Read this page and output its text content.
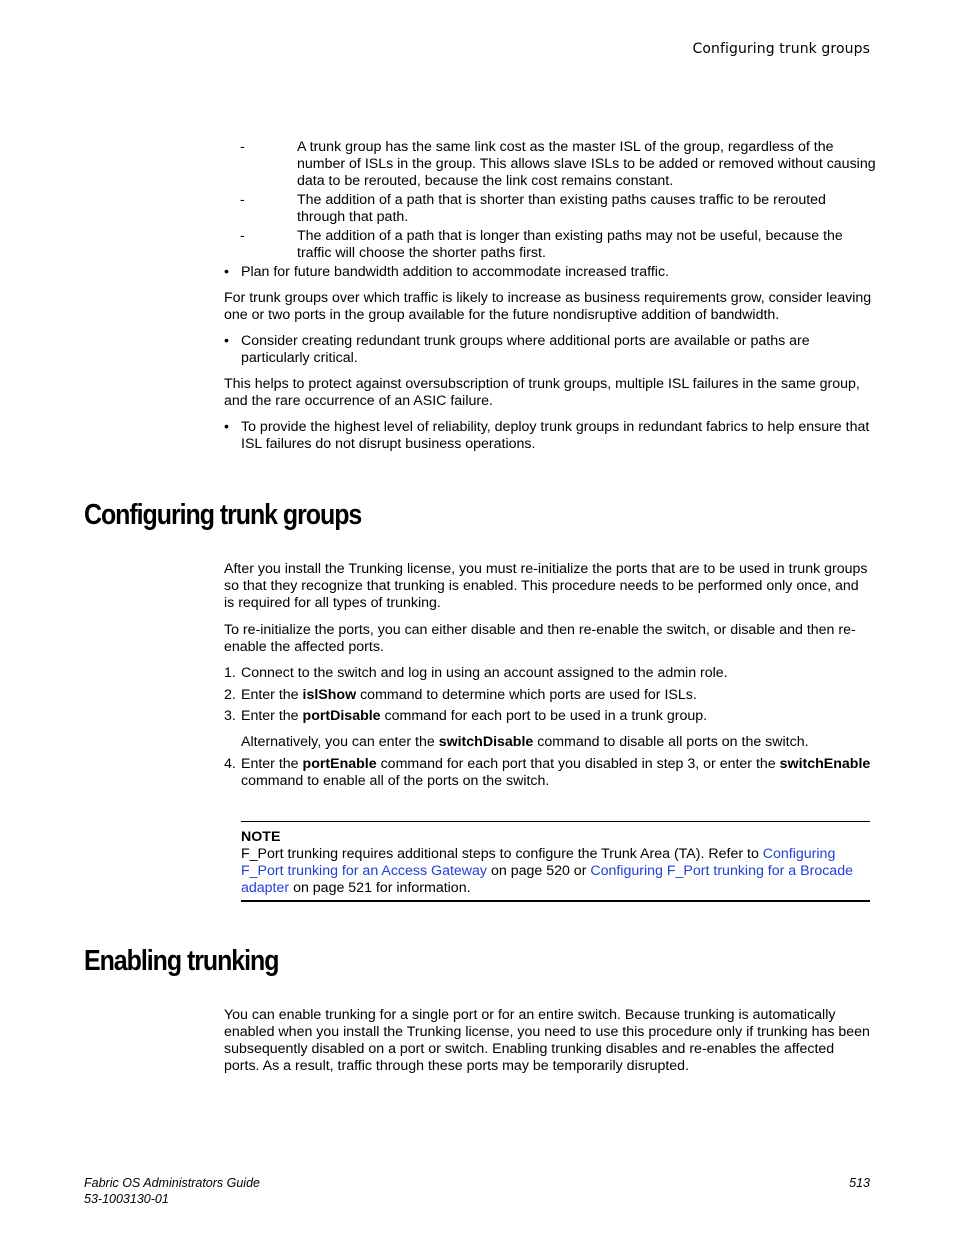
Configuring trunk groups
-	A trunk group has the same link cost as the master ISL of the group, regardless of the number of ISLs in the group. This allows slave ISLs to be added or removed without causing data to be rerouted, because the link cost remains constant.
-	The addition of a path that is shorter than existing paths causes traffic to be rerouted through that path.
-	The addition of a path that is longer than existing paths may not be useful, because the traffic will choose the shorter paths first.
• Plan for future bandwidth addition to accommodate increased traffic.
For trunk groups over which traffic is likely to increase as business requirements grow, consider leaving one or two ports in the group available for the future nondisruptive addition of bandwidth.
• Consider creating redundant trunk groups where additional ports are available or paths are particularly critical.
This helps to protect against oversubscription of trunk groups, multiple ISL failures in the same group, and the rare occurrence of an ASIC failure.
• To provide the highest level of reliability, deploy trunk groups in redundant fabrics to help ensure that ISL failures do not disrupt business operations.
Configuring trunk groups
After you install the Trunking license, you must re-initialize the ports that are to be used in trunk groups so that they recognize that trunking is enabled. This procedure needs to be performed only once, and is required for all types of trunking.
To re-initialize the ports, you can either disable and then re-enable the switch, or disable and then re-enable the affected ports.
1. Connect to the switch and log in using an account assigned to the admin role.
2. Enter the islShow command to determine which ports are used for ISLs.
3. Enter the portDisable command for each port to be used in a trunk group.
Alternatively, you can enter the switchDisable command to disable all ports on the switch.
4. Enter the portEnable command for each port that you disabled in step 3, or enter the switchEnable command to enable all of the ports on the switch.
NOTE
F_Port trunking requires additional steps to configure the Trunk Area (TA). Refer to Configuring F_Port trunking for an Access Gateway on page 520 or Configuring F_Port trunking for a Brocade adapter on page 521 for information.
Enabling trunking
You can enable trunking for a single port or for an entire switch. Because trunking is automatically enabled when you install the Trunking license, you need to use this procedure only if trunking has been subsequently disabled on a port or switch. Enabling trunking disables and re-enables the affected ports. As a result, traffic through these ports may be temporarily disrupted.
Fabric OS Administrators Guide
53-1003130-01
513
